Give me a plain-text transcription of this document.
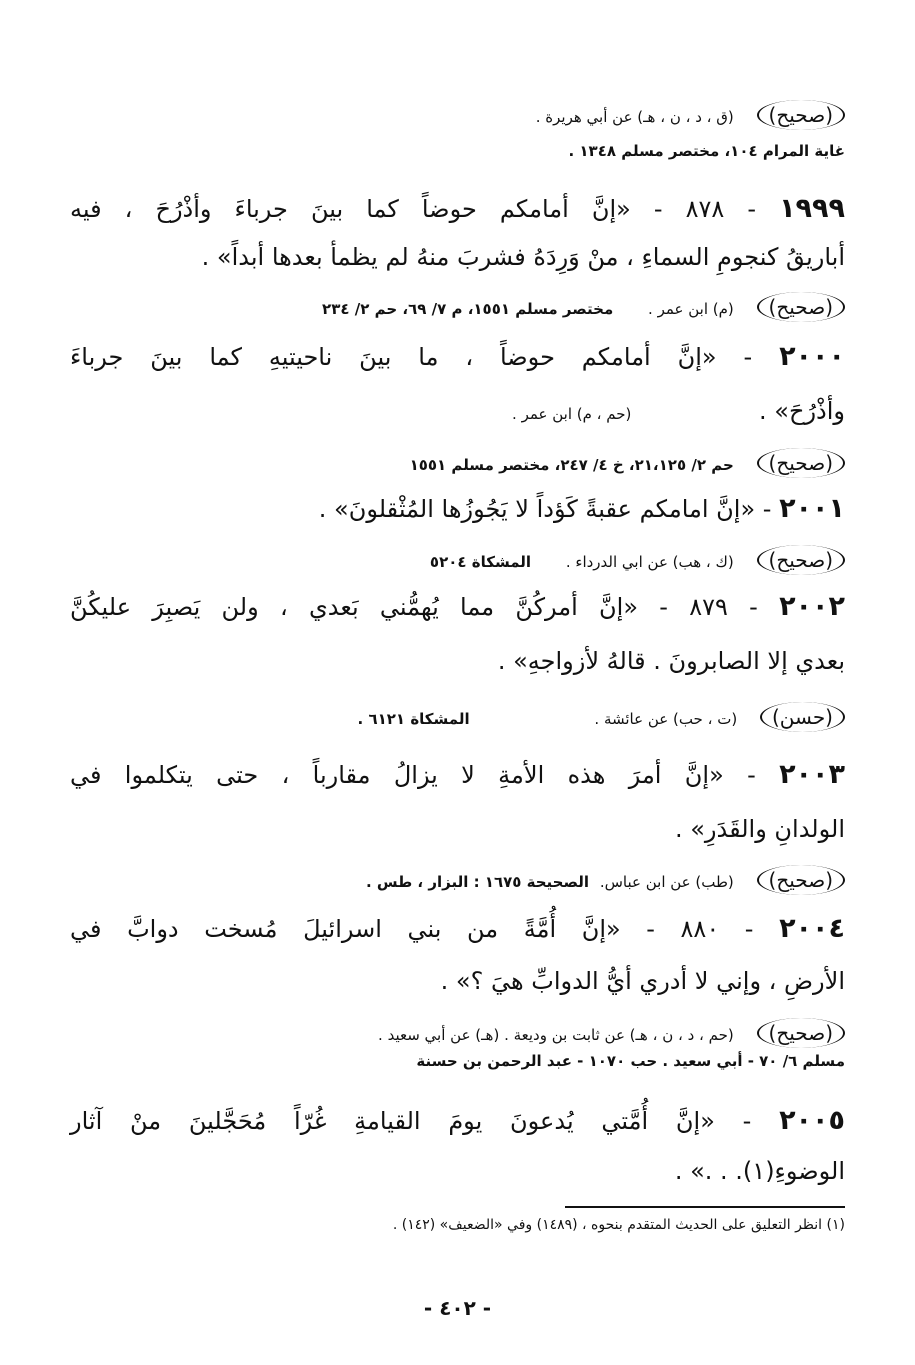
(صحيح) (ق ، د ، ن ، هـ) عن أبي هريرة .
غاية المرام ١٠٤، مختصر مسلم ١٣٤٨ .
١٩٩٩ - ٨٧٨ - «إنَّ أمامكم حوضاً كما بينَ جرباءَ وأذْرُحَ ، فيه
أباريقُ كنجومِ السماءِ ، منْ وَرِدَهُ فشربَ منهُ لم يظمأ بعدها أبداً» .
(صحيح) (م) ابن عمر . مختصر مسلم ١٥٥١، م ٧/ ٦٩، حم ٢/ ٢٣٤
٢٠٠٠ - «إنَّ أمامكم حوضاً ، ما بينَ ناحيتيهِ كما بينَ جرباءَ
وأذْرُحَ» . (حم ، م) ابن عمر .
(صحيح) حم ٢/ ٢١،١٢٥، خ ٤/ ٢٤٧، مختصر مسلم ١٥٥١
٢٠٠١ - «إنَّ امامكم عقبةً كَؤداً لا يَجُوزُها المُثْقلونَ» .
(صحيح) (ك ، هب) عن ابي الدرداء . المشكاة ٥٢٠٤
٢٠٠٢ - ٨٧٩ - «إنَّ أمركُنَّ مما يُهمُّني بَعدي ، ولن يَصبِرَ عليكُنَّ
بعدي إلا الصابرونَ . قالهُ لأزواجهِ» .
(حسن) (ت ، حب) عن عائشة . المشكاة ٦١٢١ .
٢٠٠٣ - «إنَّ أمرَ هذه الأمةِ لا يزالُ مقارباً ، حتى يتكلموا في
الولدانِ والقَدَرِ» .
(صحيح) (طب) عن ابن عباس. الصحيحة ١٦٧٥ : البزار ، طس .
٢٠٠٤ - ٨٨٠ - «إنَّ أُمَّةً من بني اسرائيلَ مُسخت دوابَّ في
الأرضِ ، وإني لا أدري أيُّ الدوابِّ هيَ ؟» .
(صحيح) (حم ، د ، ن ، هـ) عن ثابت بن وديعة . (هـ) عن أبي سعيد .
مسلم ٦/ ٧٠ - أبي سعيد . حب ١٠٧٠ - عبد الرحمن بن حسنة
٢٠٠٥ - «إنَّ أُمَّتي يُدعونَ يومَ القيامةِ غُرّاً مُحَجَّلينَ منْ آثار
الوضوءِ(١). . .» .
(١) انظر التعليق على الحديث المتقدم بنحوه ، (١٤٨٩) وفي «الضعيف» (١٤٢) .
- ٤٠٢ -
